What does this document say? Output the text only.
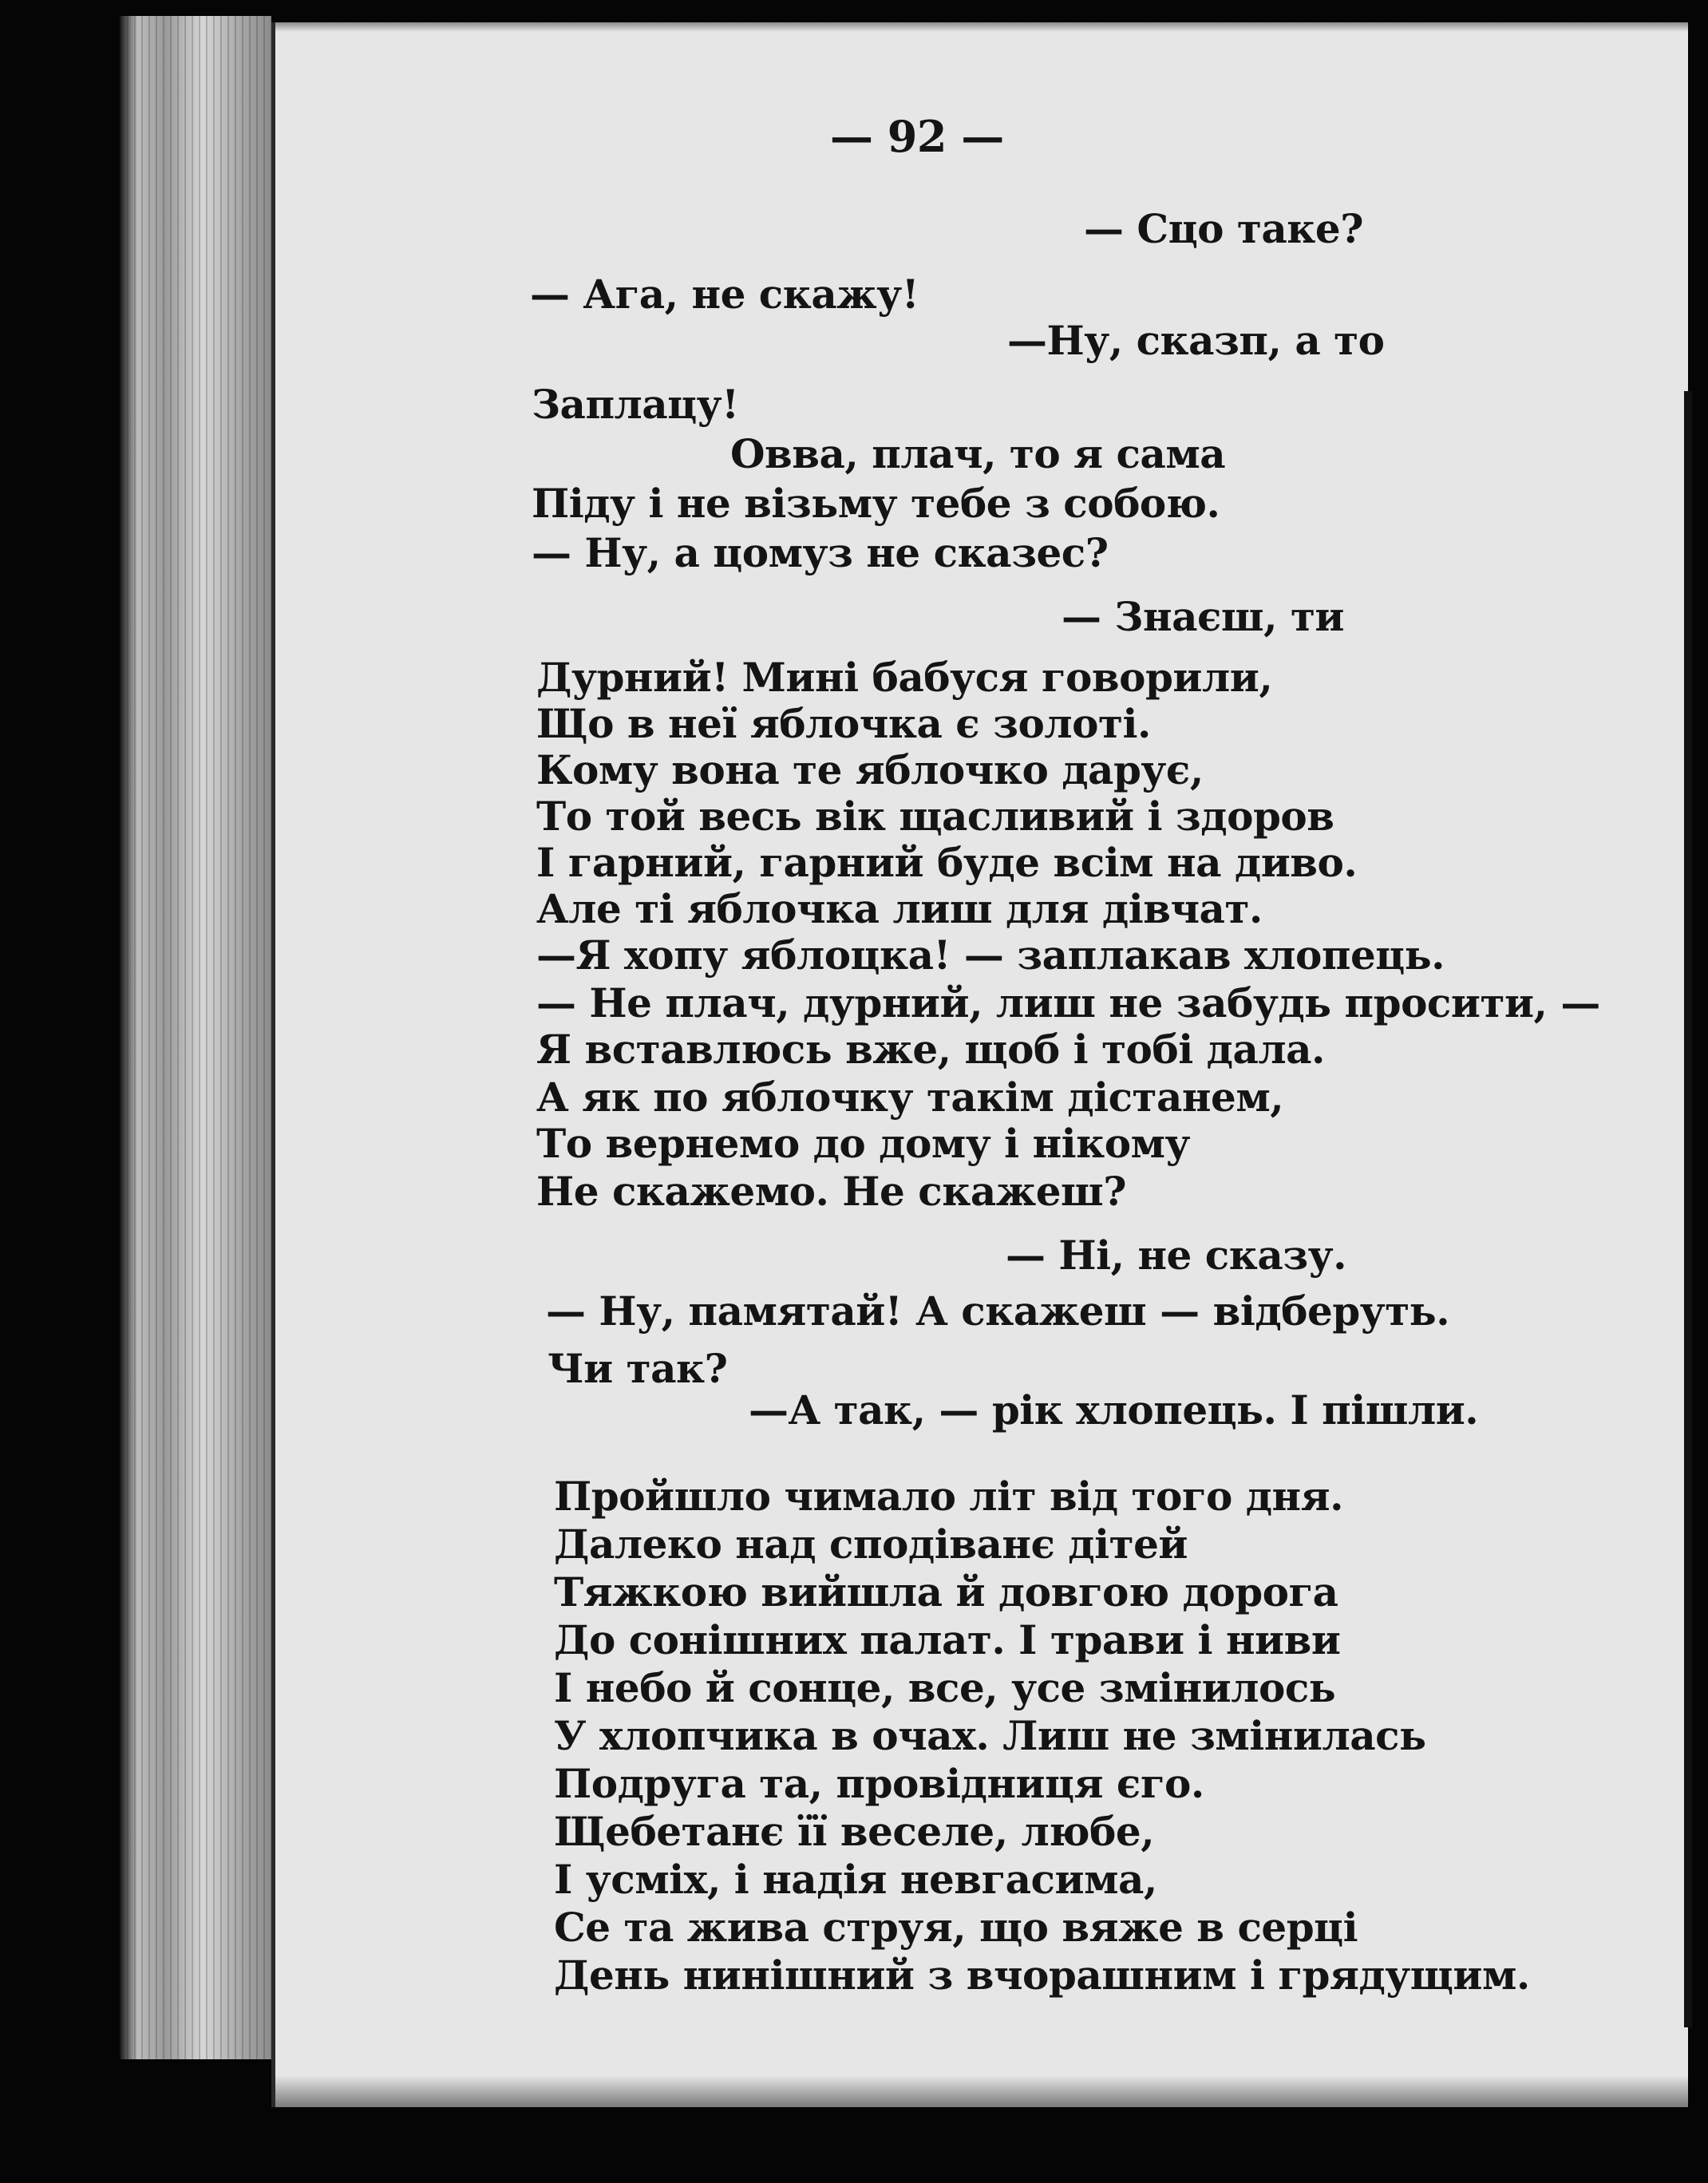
— 92 —
— Сцо таке?
— Ага, не скажу!
—Ну, сказп, а то
Заплацу!
Овва, плач, то я сама
Піду і не візьму тебе з собою.
— Ну, а цомуз не сказес?
— Знаєш, ти
Дурний! Мині бабуся говорили,
Що в неї яблочка є золоті.
Кому вона те яблочко дарує,
То той весь вік щасливий і здоров
І гарний, гарний буде всім на диво.
Але ті яблочка лиш для дівчат.
—Я хопу яблоцка! — заплакав хлопець.
— Не плач, дурний, лиш не забудь просити, —
Я вставлюсь вже, щоб і тобі дала.
А як по яблочку такім дістанем,
То вернемо до дому і нікому
Не скажемо. Не скажеш?
— Ні, не сказу.
— Ну, памятай! А скажеш — відберуть.
Чи так?
—А так, — рік хлопець. І пішли.
Пройшло чимало літ від того дня.
Далеко над сподіванє дітей
Тяжкою вийшла й довгою дорога
До сонішних палат. І трави і ниви
І небо й сонце, все, усе змінилось
У хлопчика в очах. Лиш не змінилась
Подруга та, провідниця єго.
Щебетанє її веселе, любе,
І усміх, і надія невгасима,
Се та жива струя, що вяже в серці
День нинішний з вчорашним і грядущим.
